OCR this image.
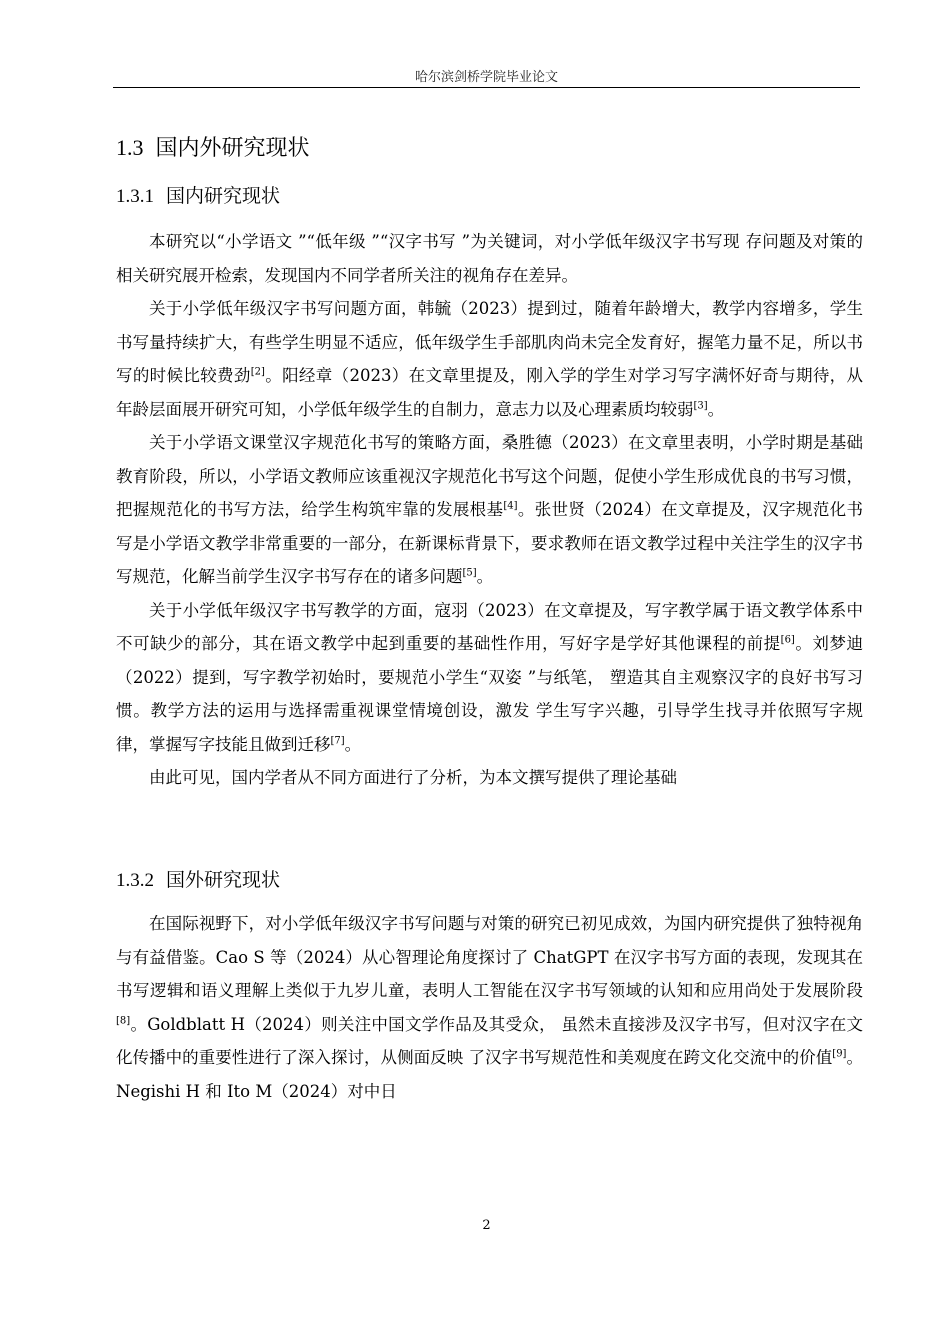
哈尔滨剑桥学院毕业论文
1.3 国内外研究现状
1.3.1 国内研究现状

本研究以“小学语文 ”“低年级 ”“汉字书写 ”为关键词，对小学低年级汉字书写现 存问题及对策的相关研究展开检索，发现国内不同学者所关注的视角存在差异。

关于小学低年级汉字书写问题方面，韩毓（2023）提到过，随着年龄增大，教学内容增多，学生书写量持续扩大，有些学生明显不适应，低年级学生手部肌肉尚未完全发育好，握笔力量不足，所以书写的时候比较费劲[2]。阳经章（2023）在文章里提及，刚入学的学生对学习写字满怀好奇与期待，从年龄层面展开研究可知，小学低年级学生的自制力，意志力以及心理素质均较弱[3]。

关于小学语文课堂汉字规范化书写的策略方面，桑胜德（2023）在文章里表明，小学时期是基础教育阶段，所以，小学语文教师应该重视汉字规范化书写这个问题，促使小学生形成优良的书写习惯，把握规范化的书写方法，给学生构筑牢靠的发展根基[4]。张世贤（2024）在文章提及，汉字规范化书写是小学语文教学非常重要的一部分，在新课标背景下，要求教师在语文教学过程中关注学生的汉字书写规范，化解当前学生汉字书写存在的诸多问题[5]。

关于小学低年级汉字书写教学的方面，寇羽（2023）在文章提及，写字教学属于语文教学体系中不可缺少的部分，其在语文教学中起到重要的基础性作用，写好字是学好其他课程的前提[6]。刘梦迪（2022）提到，写字教学初始时，要规范小学生“双姿 ”与纸笔， 塑造其自主观察汉字的良好书写习惯。教学方法的运用与选择需重视课堂情境创设，激发 学生写字兴趣，引导学生找寻并依照写字规律，掌握写字技能且做到迁移[7]。

由此可见，国内学者从不同方面进行了分析，为本文撰写提供了理论基础

1.3.2 国外研究现状

在国际视野下，对小学低年级汉字书写问题与对策的研究已初见成效，为国内研究提供了独特视角与有益借鉴。Cao S 等（2024）从心智理论角度探讨了 ChatGPT 在汉字书写方面的表现，发现其在书写逻辑和语义理解上类似于九岁儿童，表明人工智能在汉字书写领域的认知和应用尚处于发展阶段[8]。Goldblatt H（2024）则关注中国文学作品及其受众， 虽然未直接涉及汉字书写，但对汉字在文化传播中的重要性进行了深入探讨，从侧面反映 了汉字书写规范性和美观度在跨文化交流中的价值[9]。Negishi H 和 Ito M（2024）对中日

2
